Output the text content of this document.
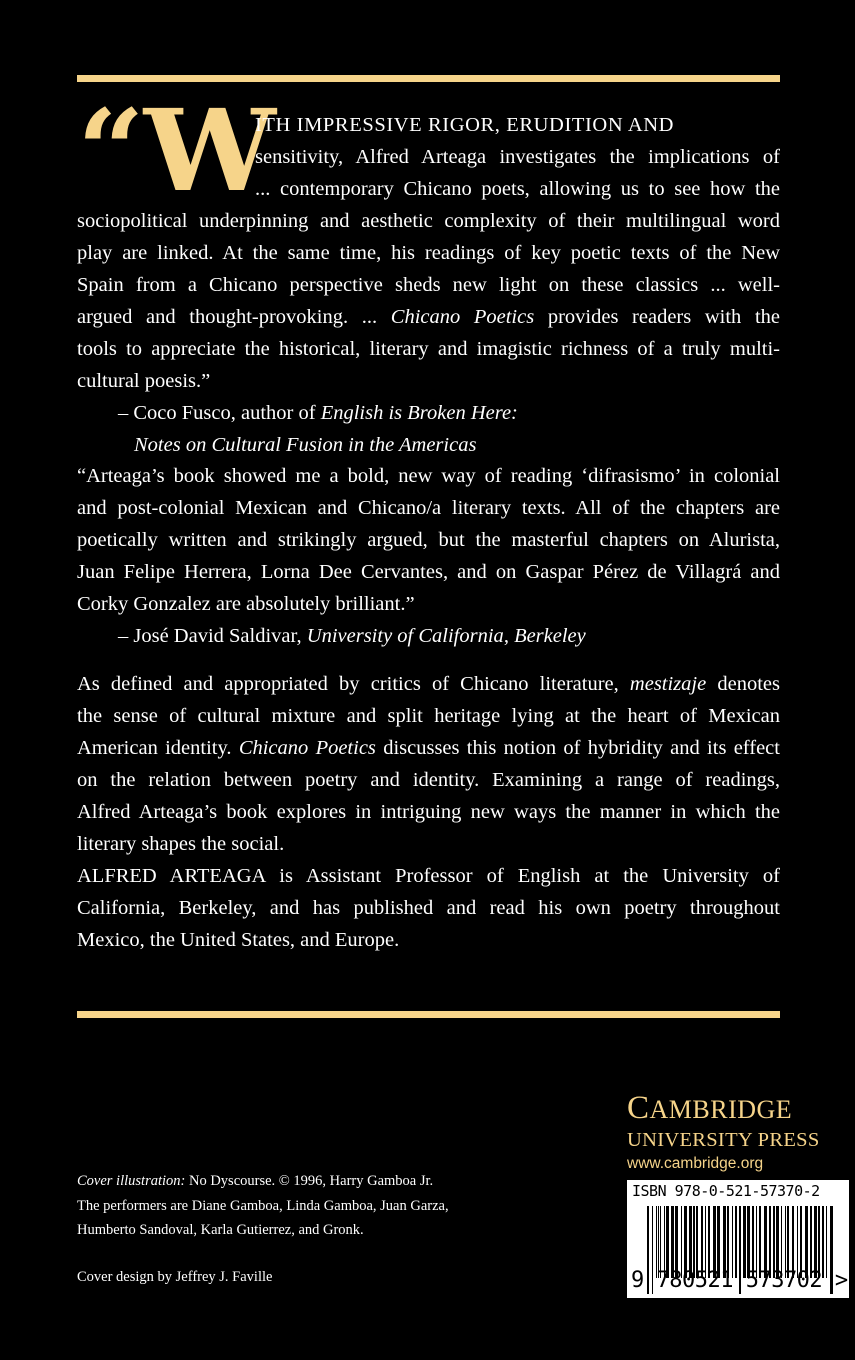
“W
ITH IMPRESSIVE RIGOR, ERUDITION AND
sensitivity, Alfred Arteaga investigates the implications of
... contemporary Chicano poets, allowing us to see how the
sociopolitical underpinning and aesthetic complexity of their multilingual word
play are linked. At the same time, his readings of key poetic texts of the New
Spain from a Chicano perspective sheds new light on these classics ... well-
argued and thought-provoking. ... Chicano Poetics provides readers with the
tools to appreciate the historical, literary and imagistic richness of a truly multi-
cultural poesis.”
– Coco Fusco, author of English is Broken Here:
Notes on Cultural Fusion in the Americas
“Arteaga’s book showed me a bold, new way of reading ‘difrasismo’ in colonial
and post-colonial Mexican and Chicano/a literary texts. All of the chapters are
poetically written and strikingly argued, but the masterful chapters on Alurista,
Juan Felipe Herrera, Lorna Dee Cervantes, and on Gaspar Pérez de Villagrá and
Corky Gonzalez are absolutely brilliant.”
– José David Saldivar, University of California, Berkeley
As defined and appropriated by critics of Chicano literature, mestizaje denotes
the sense of cultural mixture and split heritage lying at the heart of Mexican
American identity. Chicano Poetics discusses this notion of hybridity and its effect
on the relation between poetry and identity. Examining a range of readings,
Alfred Arteaga’s book explores in intriguing new ways the manner in which the
literary shapes the social.
ALFRED ARTEAGA is Assistant Professor of English at the University of
California, Berkeley, and has published and read his own poetry throughout
Mexico, the United States, and Europe.
CAMBRIDGE
UNIVERSITY PRESS
www.cambridge.org
Cover illustration: No Dyscourse. © 1996, Harry Gamboa Jr.
The performers are Diane Gamboa, Linda Gamboa, Juan Garza,
Humberto Sandoval, Karla Gutierrez, and Gronk.
Cover design by Jeffrey J. Faville
ISBN 978-0-521-57370-2
9 780521 573702 >
